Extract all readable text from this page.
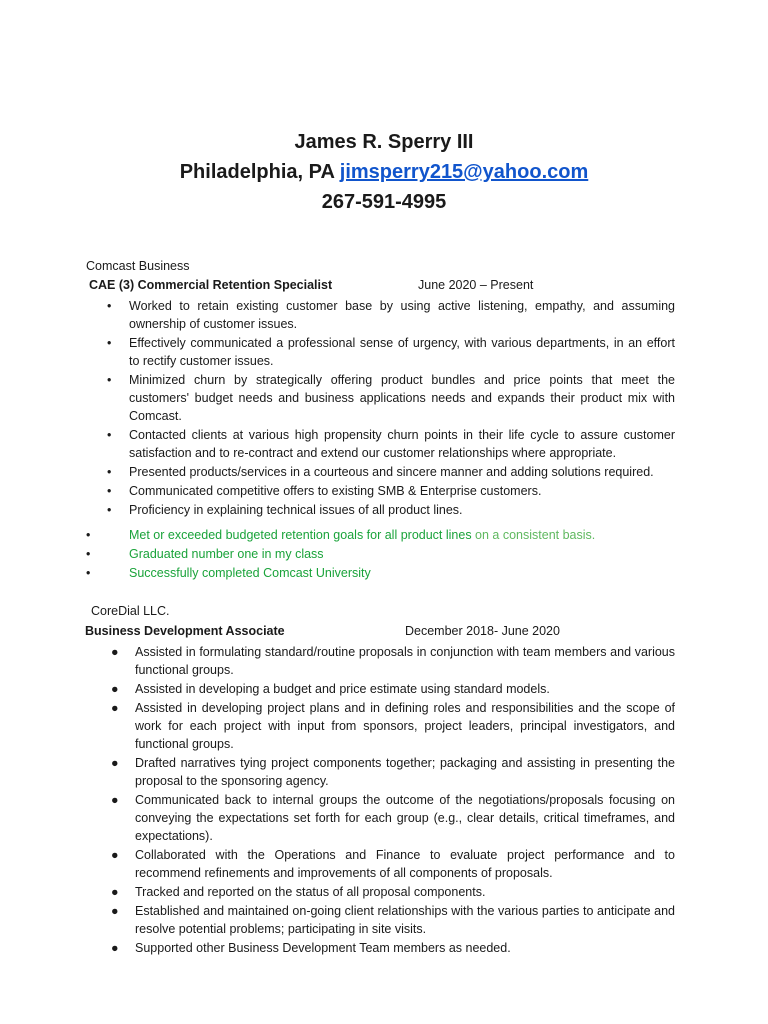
James R. Sperry III
Philadelphia, PA jimsperry215@yahoo.com
267-591-4995
Comcast Business
CAE (3) Commercial Retention Specialist	June 2020 – Present
• Worked to retain existing customer base by using active listening, empathy, and assuming ownership of customer issues.
• Effectively communicated a professional sense of urgency, with various departments, in an effort to rectify customer issues.
• Minimized churn by strategically offering product bundles and price points that meet the customers' budget needs and business applications needs and expands their product mix with Comcast.
• Contacted clients at various high propensity churn points in their life cycle to assure customer satisfaction and to re-contract and extend our customer relationships where appropriate.
• Presented products/services in a courteous and sincere manner and adding solutions required.
• Communicated competitive offers to existing SMB & Enterprise customers.
• Proficiency in explaining technical issues of all product lines.
•	Met or exceeded budgeted retention goals for all product lines on a consistent basis.
•	Graduated number one in my class
•	Successfully completed Comcast University
CoreDial LLC.
Business Development Associate	December 2018- June 2020
● Assisted in formulating standard/routine proposals in conjunction with team members and various functional groups.
● Assisted in developing a budget and price estimate using standard models.
● Assisted in developing project plans and in defining roles and responsibilities and the scope of work for each project with input from sponsors, project leaders, principal investigators, and functional groups.
● Drafted narratives tying project components together; packaging and assisting in presenting the proposal to the sponsoring agency.
● Communicated back to internal groups the outcome of the negotiations/proposals focusing on conveying the expectations set forth for each group (e.g., clear details, critical timeframes, and expectations).
● Collaborated with the Operations and Finance to evaluate project performance and to recommend refinements and improvements of all components of proposals.
● Tracked and reported on the status of all proposal components.
● Established and maintained on-going client relationships with the various parties to anticipate and resolve potential problems; participating in site visits.
● Supported other Business Development Team members as needed.
